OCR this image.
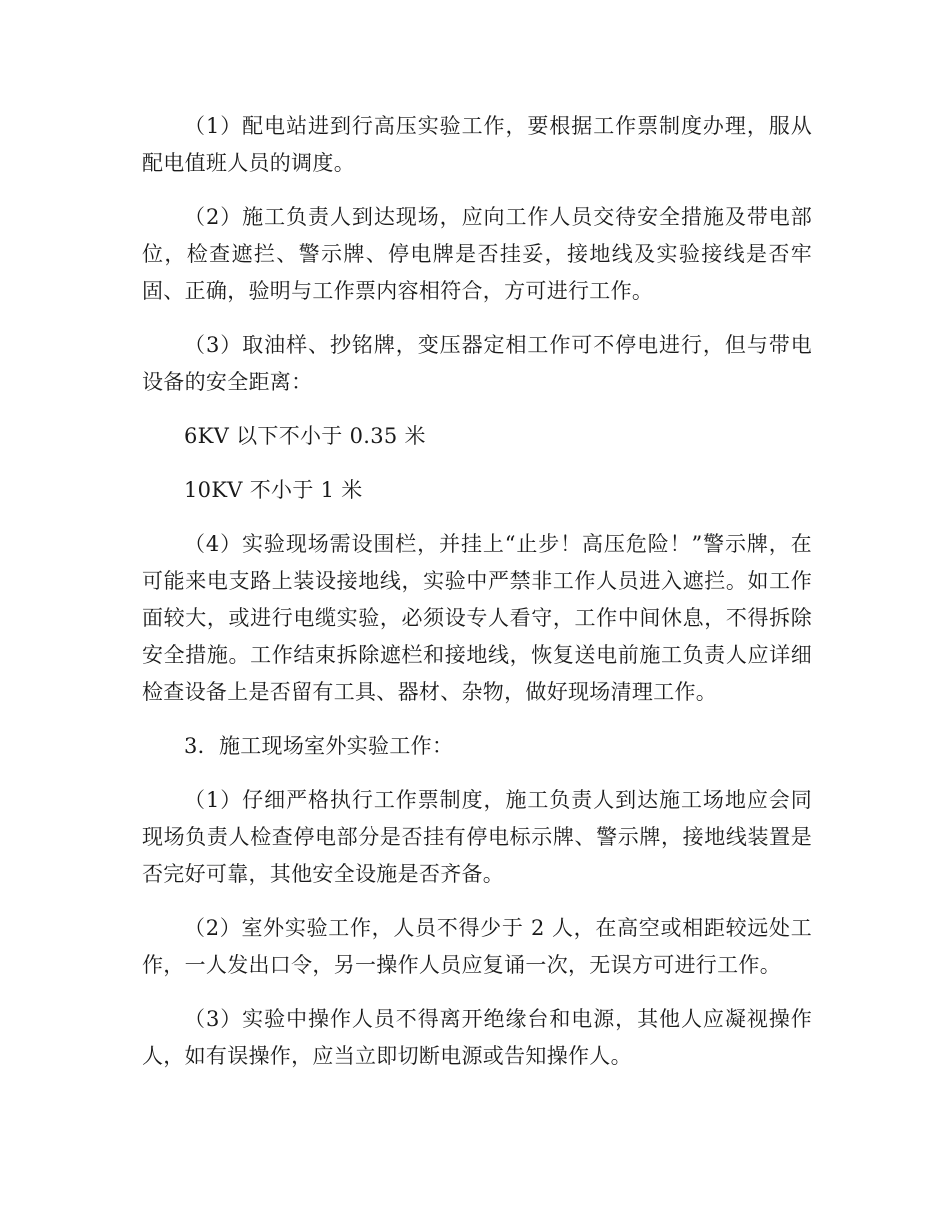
（1）配电站进到行高压实验工作，要根据工作票制度办理，服从配电值班人员的调度。

（2）施工负责人到达现场，应向工作人员交待安全措施及带电部位，检查遮拦、警示牌、停电牌是否挂妥，接地线及实验接线是否牢固、正确，验明与工作票内容相符合，方可进行工作。

（3）取油样、抄铭牌，变压器定相工作可不停电进行，但与带电设备的安全距离：

6KV 以下不小于 0.35 米

10KV 不小于 1 米

（4）实验现场需设围栏，并挂上“止步！高压危险！”警示牌，在可能来电支路上装设接地线，实验中严禁非工作人员进入遮拦。如工作面较大，或进行电缆实验，必须设专人看守，工作中间休息，不得拆除安全措施。工作结束拆除遮栏和接地线，恢复送电前施工负责人应详细检查设备上是否留有工具、器材、杂物，做好现场清理工作。

3．施工现场室外实验工作：

（1）仔细严格执行工作票制度，施工负责人到达施工场地应会同现场负责人检查停电部分是否挂有停电标示牌、警示牌，接地线装置是否完好可靠，其他安全设施是否齐备。

（2）室外实验工作，人员不得少于 2 人，在高空或相距较远处工作，一人发出口令，另一操作人员应复诵一次，无误方可进行工作。

（3）实验中操作人员不得离开绝缘台和电源，其他人应凝视操作人，如有误操作，应当立即切断电源或告知操作人。
